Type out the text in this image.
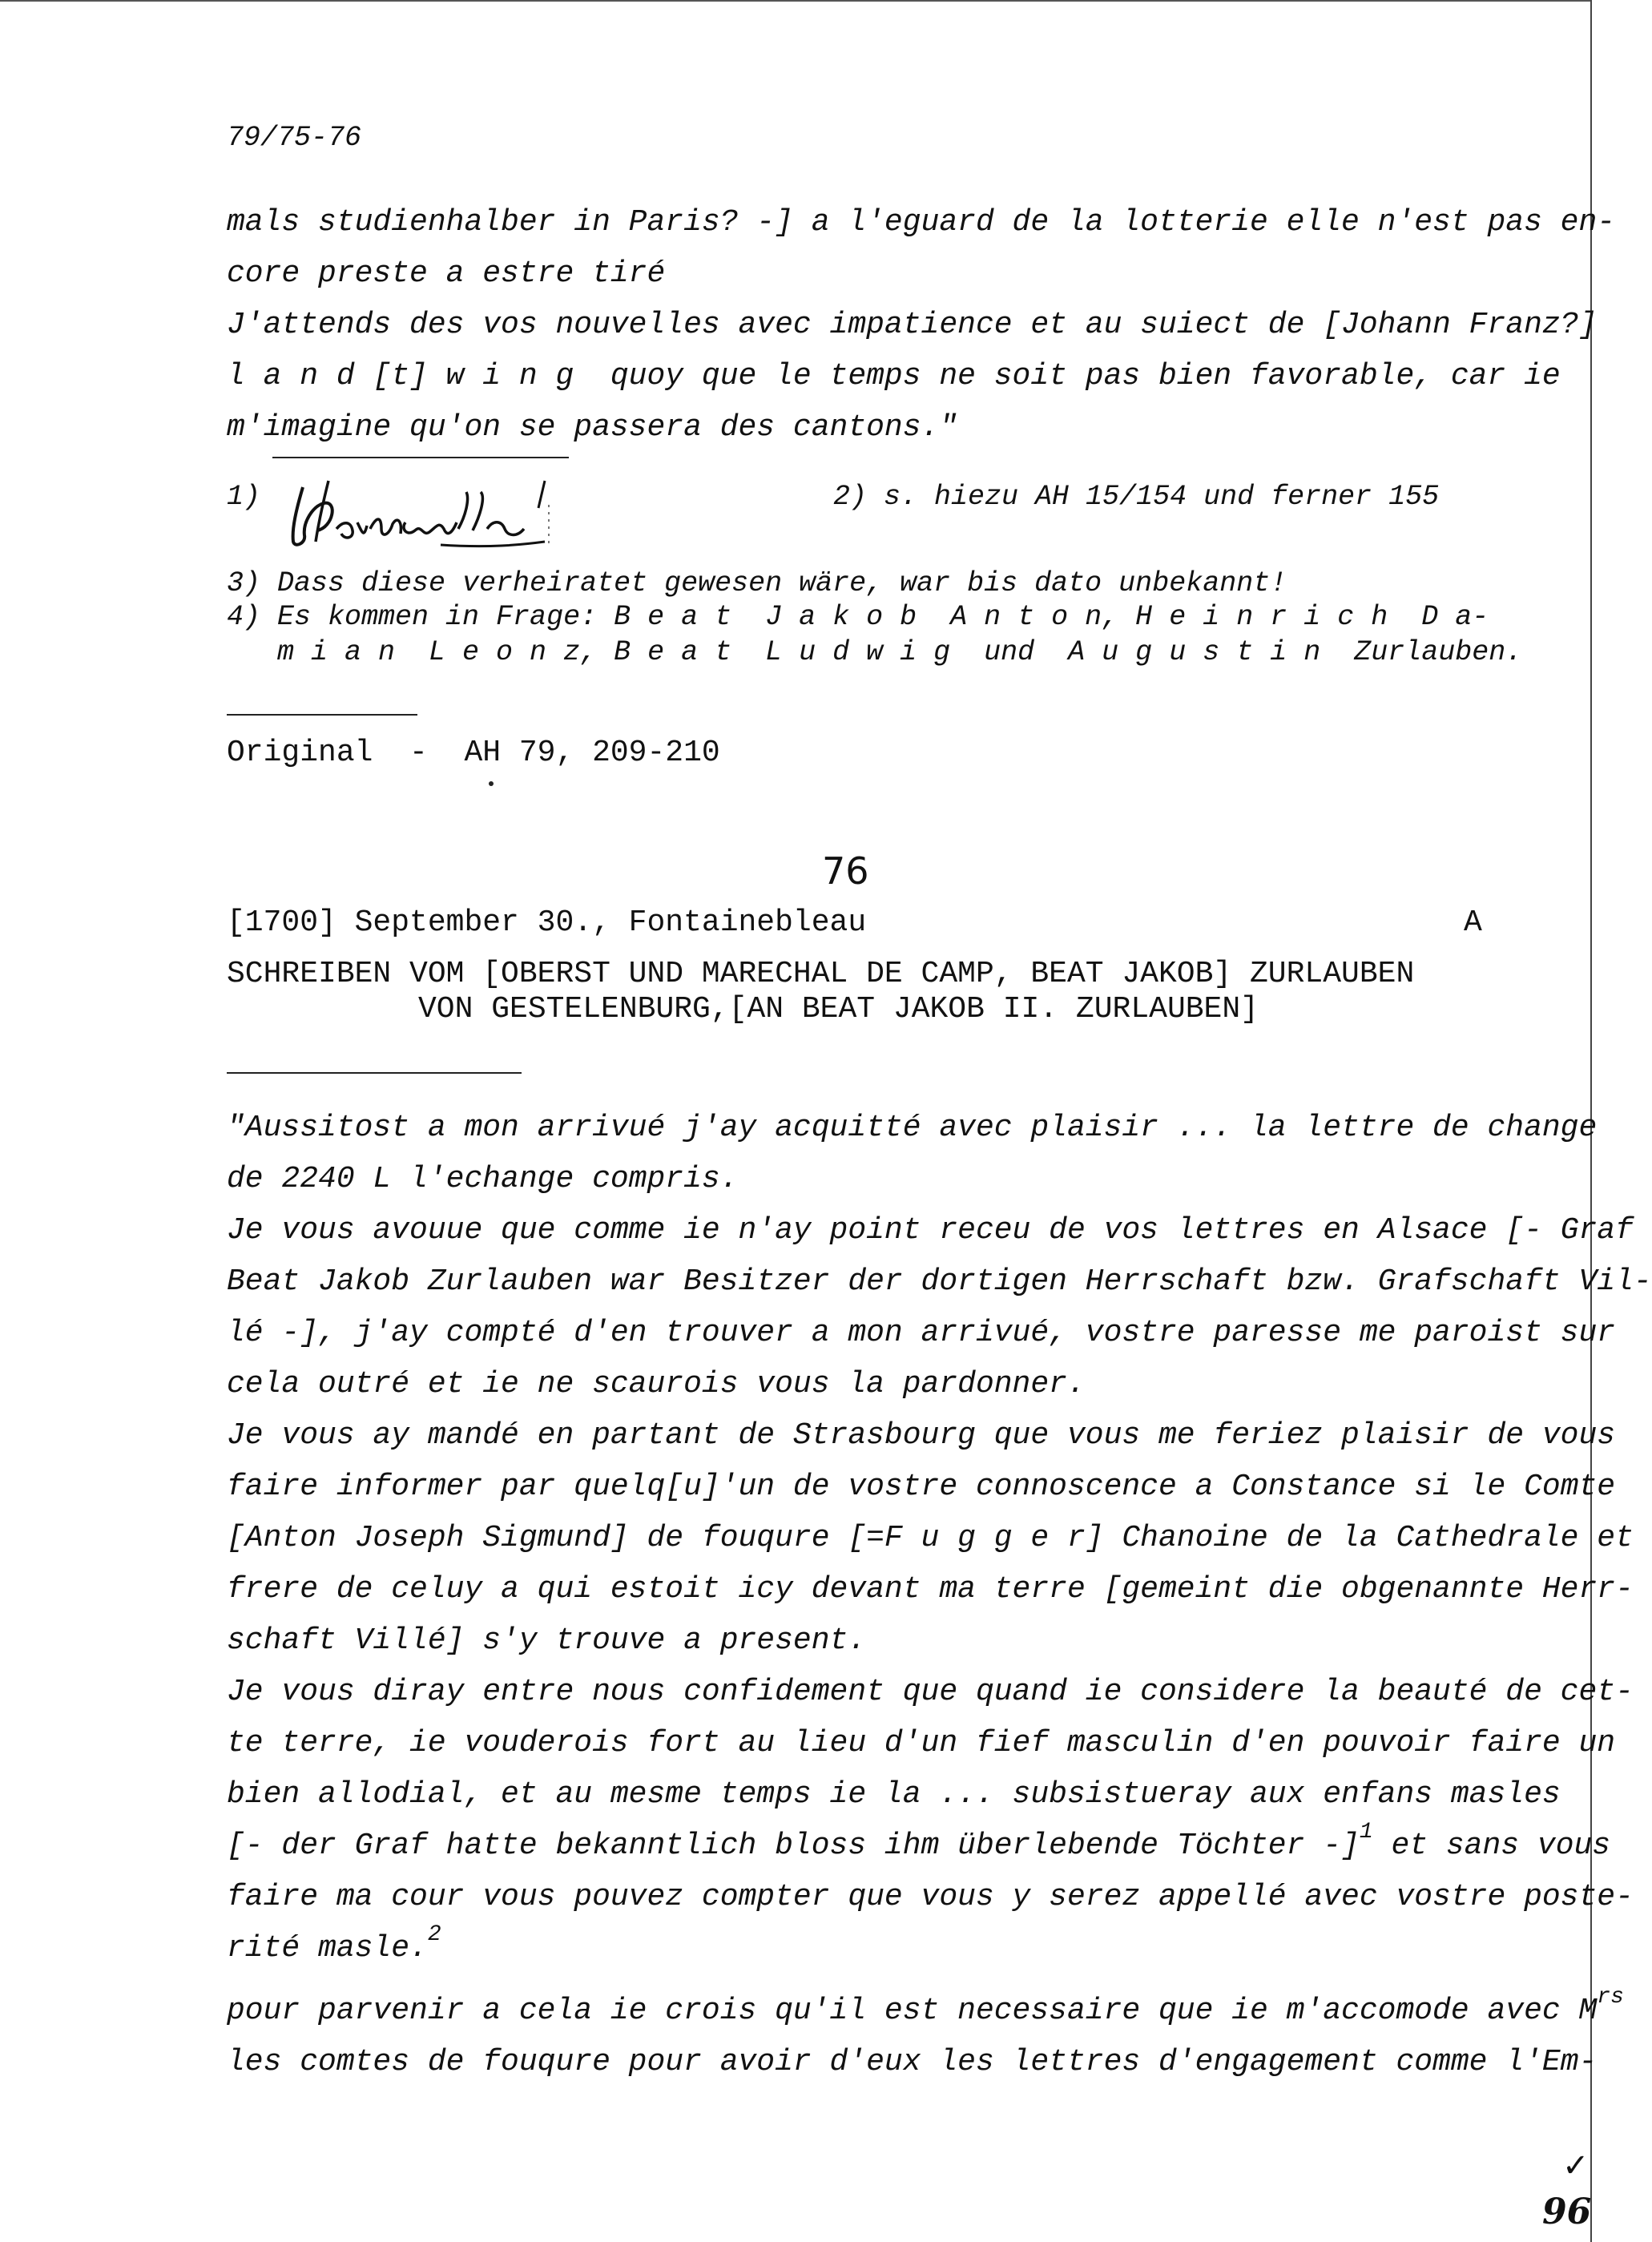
79/75-76
mals studienhalber in Paris? -] a l'eguard de la lotterie elle n'est pas en-
core preste a estre tiré
J'attends des vos nouvelles avec impatience et au suiect de [Johann Franz?]
l a n d [t] w i n g  quoy que le temps ne soit pas bien favorable, car ie
m'imagine qu'on se passera des cantons."
1)	2) s. hiezu AH 15/154 und ferner 155
3) Dass diese verheiratet gewesen wäre, war bis dato unbekannt!
4) Es kommen in Frage: B e a t  J a k o b  A n t o n, H e i n r i c h  D a-
m i a n  L e o n z, B e a t  L u d w i g  und  A u g u s t i n  Zurlauben.
Original  -  AH 79, 209-210
76
[1700] September 30., Fontainebleau	A
SCHREIBEN VOM [OBERST UND MARECHAL DE CAMP, BEAT JAKOB] ZURLAUBEN
VON GESTELENBURG,[AN BEAT JAKOB II. ZURLAUBEN]
"Aussitost a mon arrivué j'ay acquitté avec plaisir ... la lettre de change
de 2240 L l'echange compris.
Je vous avouue que comme ie n'ay point receu de vos lettres en Alsace [- Graf
Beat Jakob Zurlauben war Besitzer der dortigen Herrschaft bzw. Grafschaft Vil-
lé -], j'ay compté d'en trouver a mon arrivué, vostre paresse me paroist sur
cela outré et ie ne scaurois vous la pardonner.
Je vous ay mandé en partant de Strasbourg que vous me feriez plaisir de vous
faire informer par quelq[u]'un de vostre connoscence a Constance si le Comte
[Anton Joseph Sigmund] de fouqure [=F u g g e r] Chanoine de la Cathedrale et
frere de celuy a qui estoit icy devant ma terre [gemeint die obgenannte Herr-
schaft Villé] s'y trouve a present.
Je vous diray entre nous confidement que quand ie considere la beauté de cet-
te terre, ie vouderois fort au lieu d'un fief masculin d'en pouvoir faire un
bien allodial, et au mesme temps ie la ... subsistueray aux enfans masles
[- der Graf hatte bekanntlich bloss ihm überlebende Töchter -]$^1$ et sans vous
faire ma cour vous pouvez compter que vous y serez appellé avec vostre poste-
rité masle.$^2$
pour parvenir a cela ie crois qu'il est necessaire que ie m'accomode avec $M^{rs}$
les comtes de fouqure pour avoir d'eux les lettres d'engagement comme l'Em-
✓
96
